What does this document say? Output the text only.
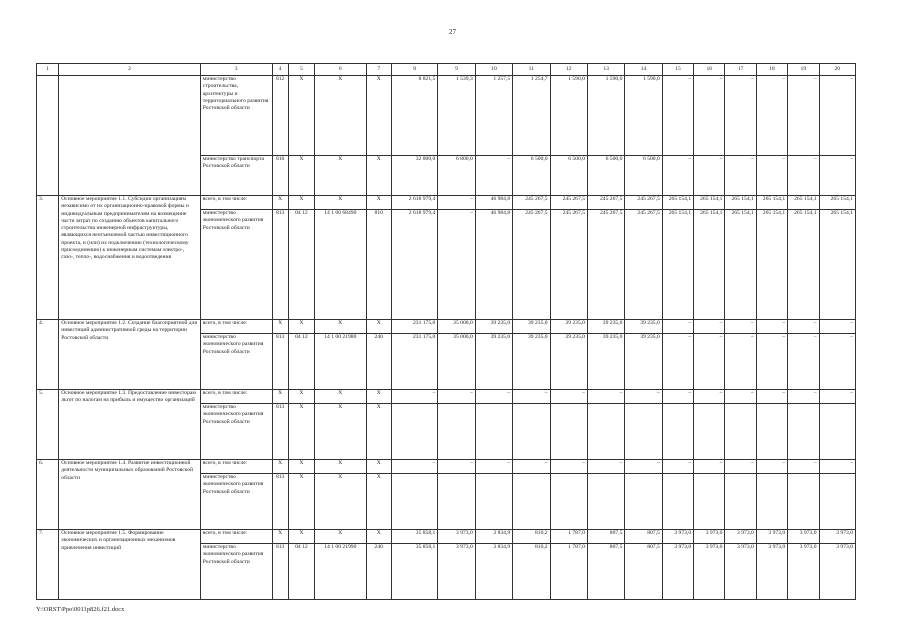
27
1	2	3	4	5	6	7	8	9	10	11	12	13	14	15	16	17	18	19	20
		министерство строительства, архитектуры и территориального развития Ростовской области	812	Х	Х	Х	8 821,5	1 539,3	1 257,5	1 254,7	1 590,0	1 590,0	1 590,0	–	–	–	–	–	–
		министерство транспорта Ростовской области	810	Х	Х	Х	32 800,0	6 800,0	–	6 500,0	6 500,0	6 500,0	6 500,0	–	–	–	–	–	–
3.	Основное мероприятие 1.1. Субсидии организациям независимо от их организационно-правовой формы и индивидуальным предпринимателям на возмещение части затрат по созданию объектов капитального строительства инженерной инфраструктуры, являющихся неотъемлемой частью инвестиционного проекта, и (или) их подключению (технологическому присоединению) к инженерным системам электро-, газо-, тепло-, водоснабжения и водоотведения	всего, в том числе:	Х	Х	Х	Х	2 618 979,4	–	46 984,8	245 267,5	245 267,5	245 267,5	245 267,5	265 154,1	265 154,1	265 154,1	265 154,1	265 154,1	265 154,1
		министерство экономического развития Ростовской области	813	04 12	14 1 00 68490	810	2 618 979,4	–	46 984,8	245 267,5	245 267,5	245 267,5	245 267,5	265 154,1	265 154,1	265 154,1	265 154,1	265 154,1	265 154,1
4.	Основное мероприятие 1.2. Создание благоприятной для инвестиций административной среды на территории Ростовской области	всего, в том числе:	Х	Х	Х	Х	231 175,0	35 000,0	39 235,0	39 235,0	39 235,0	39 235,0	39 235,0	–	–	–	–	–	–
		министерство экономического развития Ростовской области	813	04 12	14 1 00 21980	240	231 175,0	35 000,0	39 235,0	39 235,0	39 235,0	39 235,0	39 235,0	–	–	–	–	–	–
5.	Основное мероприятие 1.3. Предоставление инвесторам льгот по налогам на прибыль и имущество организаций	всего, в том числе:	Х	Х	Х	Х	–	–	–	–	–	–	–	–	–	–	–	–	–
		министерство экономического развития Ростовской области	813	Х	Х	Х													
6.	Основное мероприятие 1.4. Развитие инвестиционной деятельности муниципальных образований Ростовской области	всего, в том числе:	Х	Х	Х	Х	–	–	–	–	–	–	–	–	–	–	–	–	–
		министерство экономического развития Ростовской области	813	Х	Х	Х													
7.	Основное мероприятие 1.5. Формирование экономических и организационных механизмов привлечения инвестиций	всего, в том числе:	Х	Х	Х	Х	35 858,1	3 973,0	3 834,9	810,2	1 787,0	807,5	807,5	3 973,0	3 973,0	3 973,0	3 973,0	3 973,0	3 973,0
		министерство экономического развития Ростовской области	813	04 12	14 1 00 21990	240	35 858,1	3 973,0	3 834,9	810,2	1 787,0	807,5	807,5	3 973,0	3 973,0	3 973,0	3 973,0	3 973,0	3 973,0
Y:\ORST\Ppo\0011p826.f21.docx
